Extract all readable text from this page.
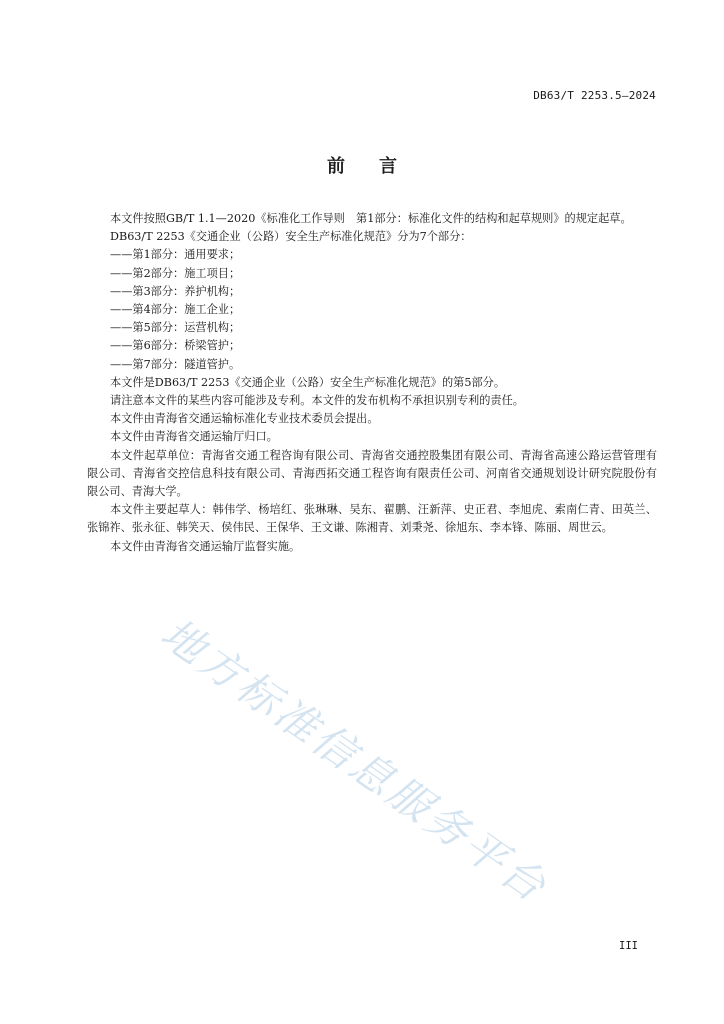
DB63/T 2253.5—2024
前 言

本文件按照GB/T 1.1—2020《标准化工作导则　第1部分：标准化文件的结构和起草规则》的规定起草。

DB63/T 2253《交通企业（公路）安全生产标准化规范》分为7个部分：

——第1部分：通用要求；

——第2部分：施工项目；

——第3部分：养护机构；

——第4部分：施工企业；

——第5部分：运营机构；

——第6部分：桥梁管护；

——第7部分：隧道管护。

本文件是DB63/T 2253《交通企业（公路）安全生产标准化规范》的第5部分。

请注意本文件的某些内容可能涉及专利。本文件的发布机构不承担识别专利的责任。

本文件由青海省交通运输标准化专业技术委员会提出。

本文件由青海省交通运输厅归口。

本文件起草单位：青海省交通工程咨询有限公司、青海省交通控股集团有限公司、青海省高速公路运营管理有限公司、青海省交控信息科技有限公司、青海西拓交通工程咨询有限责任公司、河南省交通规划设计研究院股份有限公司、青海大学。

本文件主要起草人：韩伟学、杨培红、张琳琳、吴东、翟鹏、汪新萍、史正君、李旭虎、索南仁青、田英兰、张锦祚、张永征、韩笑天、侯伟民、王保华、王文谦、陈湘青、刘秉尧、徐旭东、李本锋、陈丽、周世云。

本文件由青海省交通运输厅监督实施。

地方标准信息服务平台
III
